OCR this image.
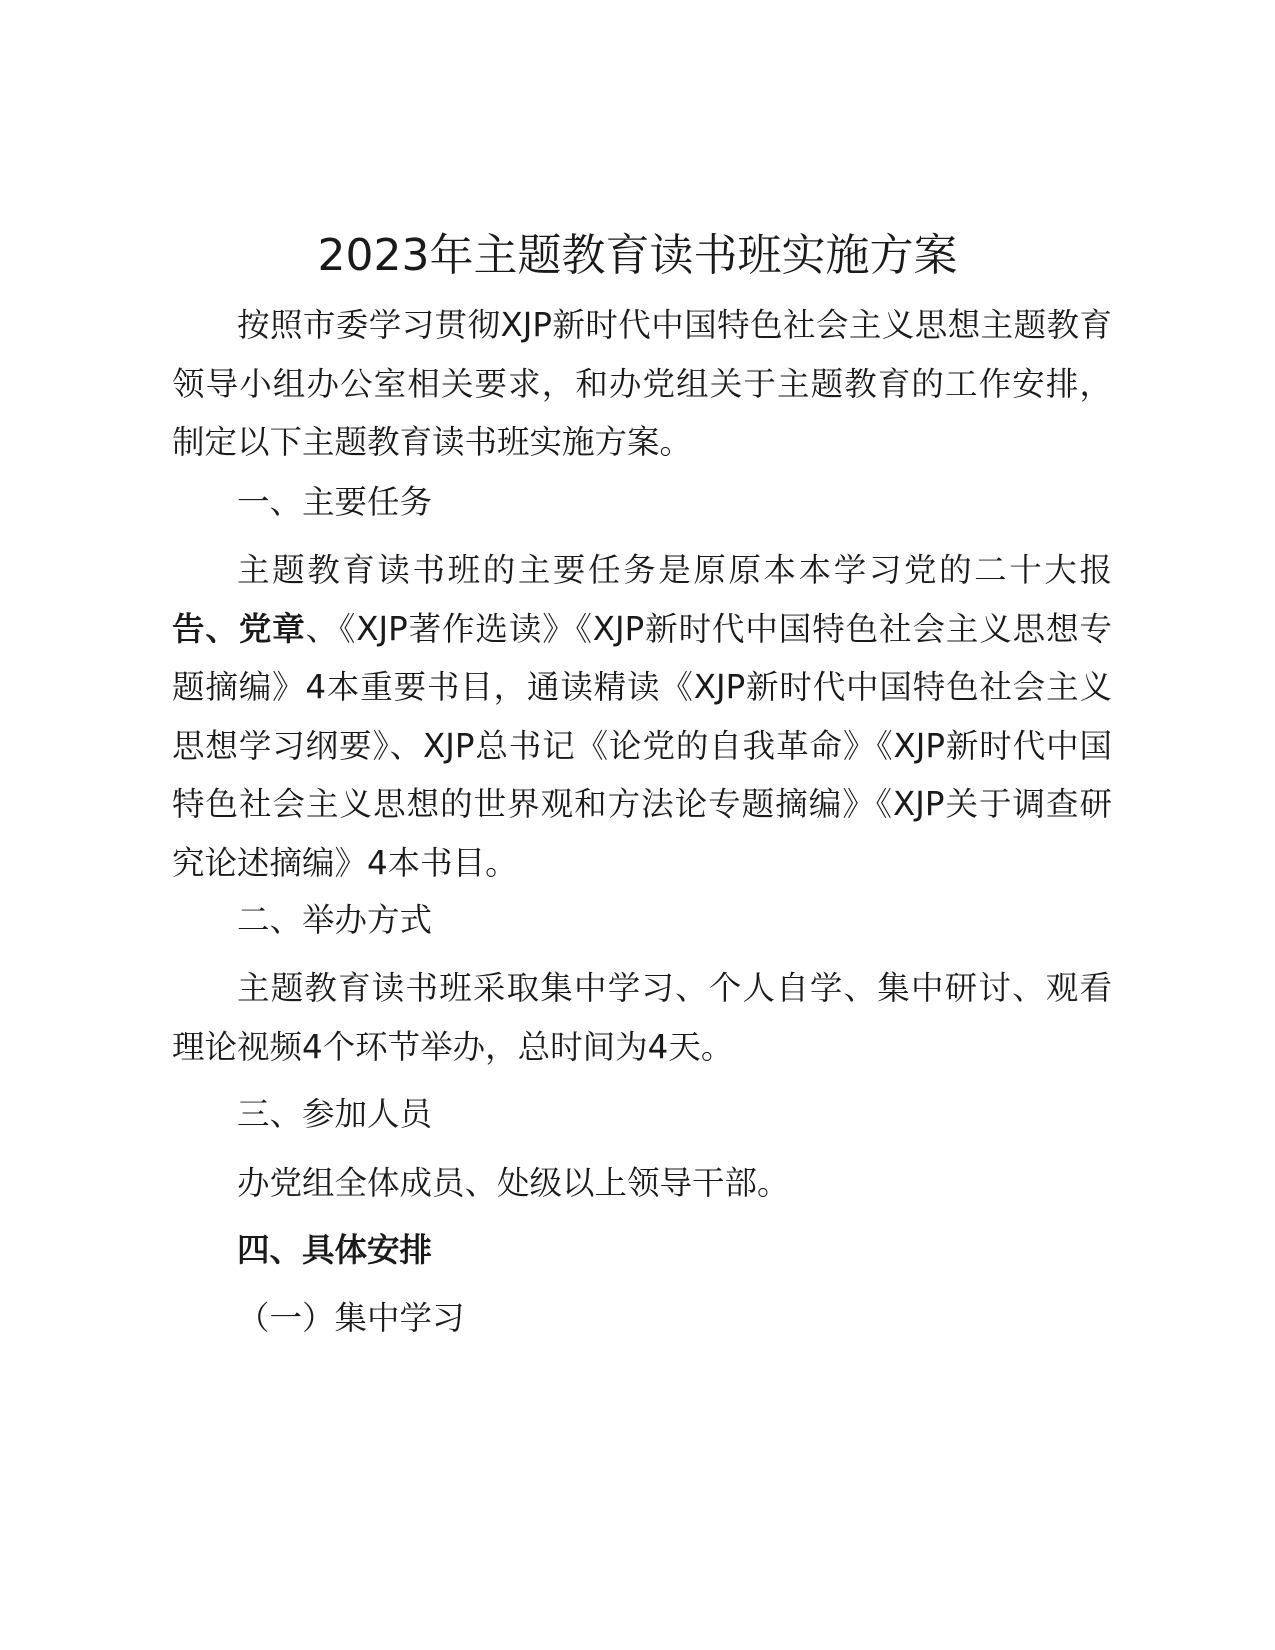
2023年主题教育读书班实施方案

按照市委学习贯彻XJP新时代中国特色社会主义思想主题教育领导小组办公室相关要求，和办党组关于主题教育的工作安排，制定以下主题教育读书班实施方案。

一、主要任务

主题教育读书班的主要任务是原原本本学习党的二十大报告、党章、《XJP著作选读》《XJP新时代中国特色社会主义思想专题摘编》4本重要书目，通读精读《XJP新时代中国特色社会主义思想学习纲要》、XJP总书记《论党的自我革命》《XJP新时代中国特色社会主义思想的世界观和方法论专题摘编》《XJP关于调查研究论述摘编》4本书目。

二、举办方式

主题教育读书班采取集中学习、个人自学、集中研讨、观看理论视频4个环节举办，总时间为4天。

三、参加人员

办党组全体成员、处级以上领导干部。

四、具体安排

（一）集中学习
